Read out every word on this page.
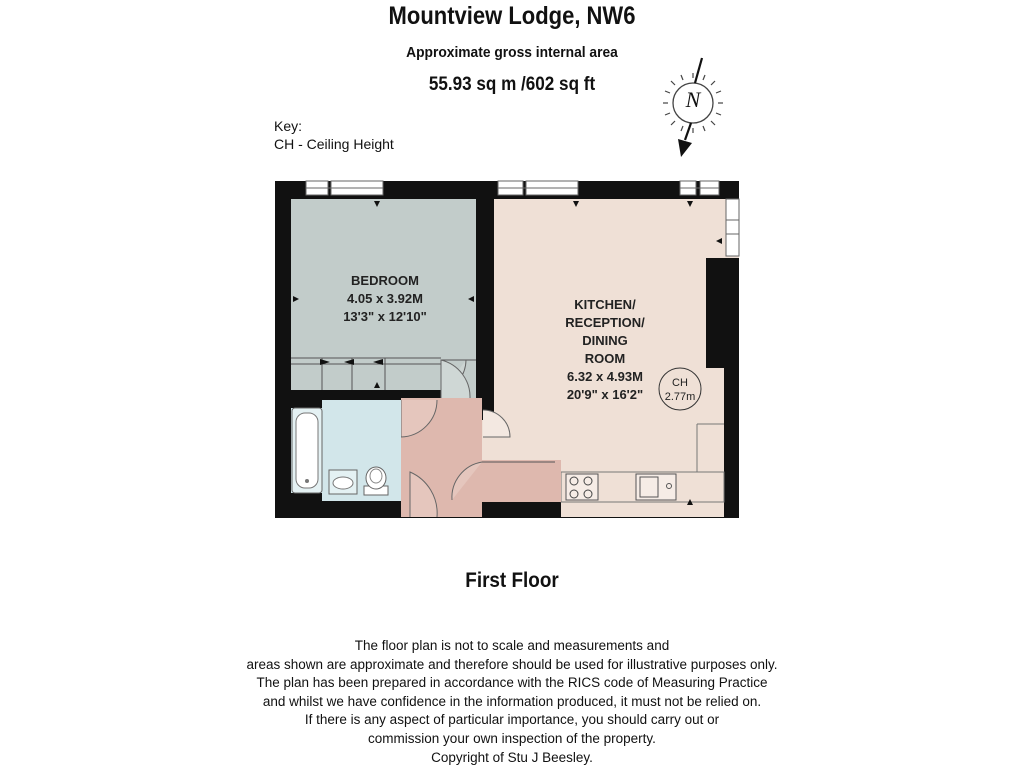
Mountview Lodge, NW6
Approximate gross internal area
55.93 sq m /602 sq ft
Key:
CH - Ceiling Height
N
BEDROOM
4.05 x 3.92M
13'3" x 12'10"
KITCHEN/
RECEPTION/
DINING
ROOM
6.32 x 4.93M
20'9" x 16'2"
CH
2.77m
First Floor
The floor plan is not to scale and measurements and
areas shown are approximate and therefore should be used for illustrative purposes only.
The plan has been prepared in accordance with the RICS code of Measuring Practice
and whilst we have confidence in the information produced, it must not be relied on.
If there is any aspect of particular importance, you should carry out or
commission your own inspection of the property.
Copyright of Stu J Beesley.
